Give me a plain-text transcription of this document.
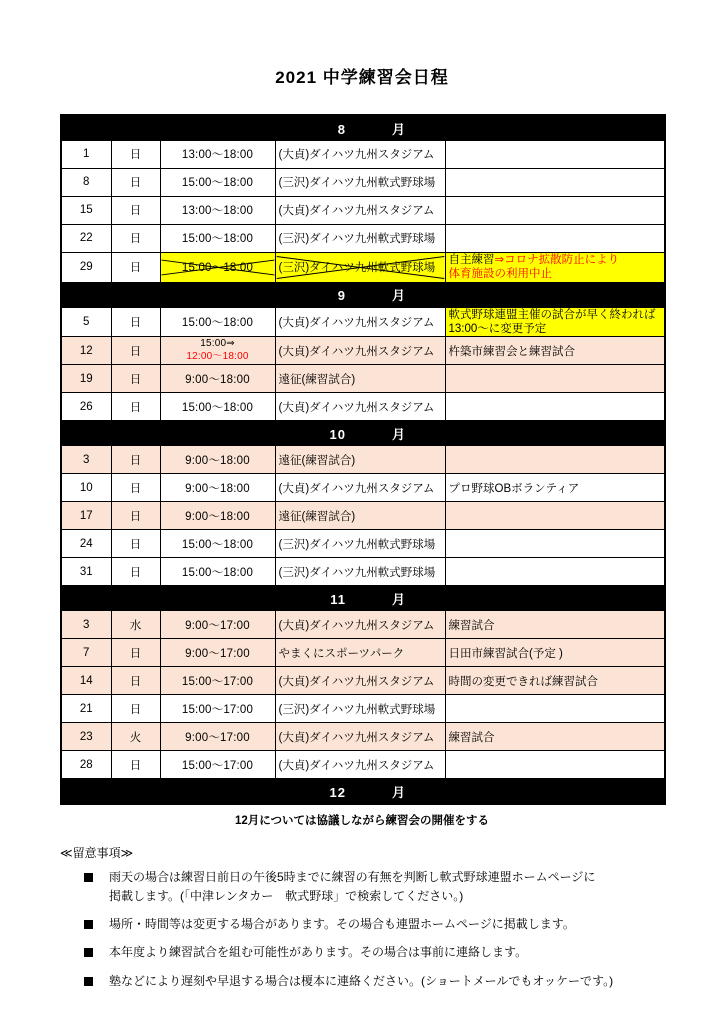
2021 中学練習会日程
8 月				
1	日	13:00〜18:00	(大貞)ダイハツ九州スタジアム	
8	日	15:00〜18:00	(三沢)ダイハツ九州軟式野球場	
15	日	13:00〜18:00	(大貞)ダイハツ九州スタジアム	
22	日	15:00〜18:00	(三沢)ダイハツ九州軟式野球場	
29	日	15:00〜18:00	(三沢)ダイハツ九州軟式野球場	自主練習⇒コロナ拡散防止により
体育施設の利用中止

9 月				
5	日	15:00〜18:00	(大貞)ダイハツ九州スタジアム	軟式野球連盟主催の試合が早く終われば
13:00〜に変更予定

12	日	15:00⇒
12:00〜18:00	(大貞)ダイハツ九州スタジアム	杵築市練習会と練習試合
19	日	9:00〜18:00	遠征(練習試合)	
26	日	15:00〜18:00	(大貞)ダイハツ九州スタジアム	
10 月				
3	日	9:00〜18:00	遠征(練習試合)	
10	日	9:00〜18:00	(大貞)ダイハツ九州スタジアム	プロ野球OBボランティア
17	日	9:00〜18:00	遠征(練習試合)	
24	日	15:00〜18:00	(三沢)ダイハツ九州軟式野球場	
31	日	15:00〜18:00	(三沢)ダイハツ九州軟式野球場	
11 月				
3	水	9:00〜17:00	(大貞)ダイハツ九州スタジアム	練習試合
7	日	9:00〜17:00	やまくにスポーツパーク	日田市練習試合(予定 )
14	日	15:00〜17:00	(大貞)ダイハツ九州スタジアム	時間の変更できれば練習試合
21	日	15:00〜17:00	(三沢)ダイハツ九州軟式野球場	
23	火	9:00〜17:00	(大貞)ダイハツ九州スタジアム	練習試合
28	日	15:00〜17:00	(大貞)ダイハツ九州スタジアム	
12 月				
12月については協議しながら練習会の開催をする
≪留意事項≫
雨天の場合は練習日前日の午後5時までに練習の有無を判断し軟式野球連盟ホームページに
掲載します。(「中津レンタカー　軟式野球」で検索してください。)
場所・時間等は変更する場合があります。その場合も連盟ホームページに掲載します。
本年度より練習試合を組む可能性があります。その場合は事前に連絡します。
塾などにより遅刻や早退する場合は榎本に連絡ください。(ショートメールでもオッケーです。)
